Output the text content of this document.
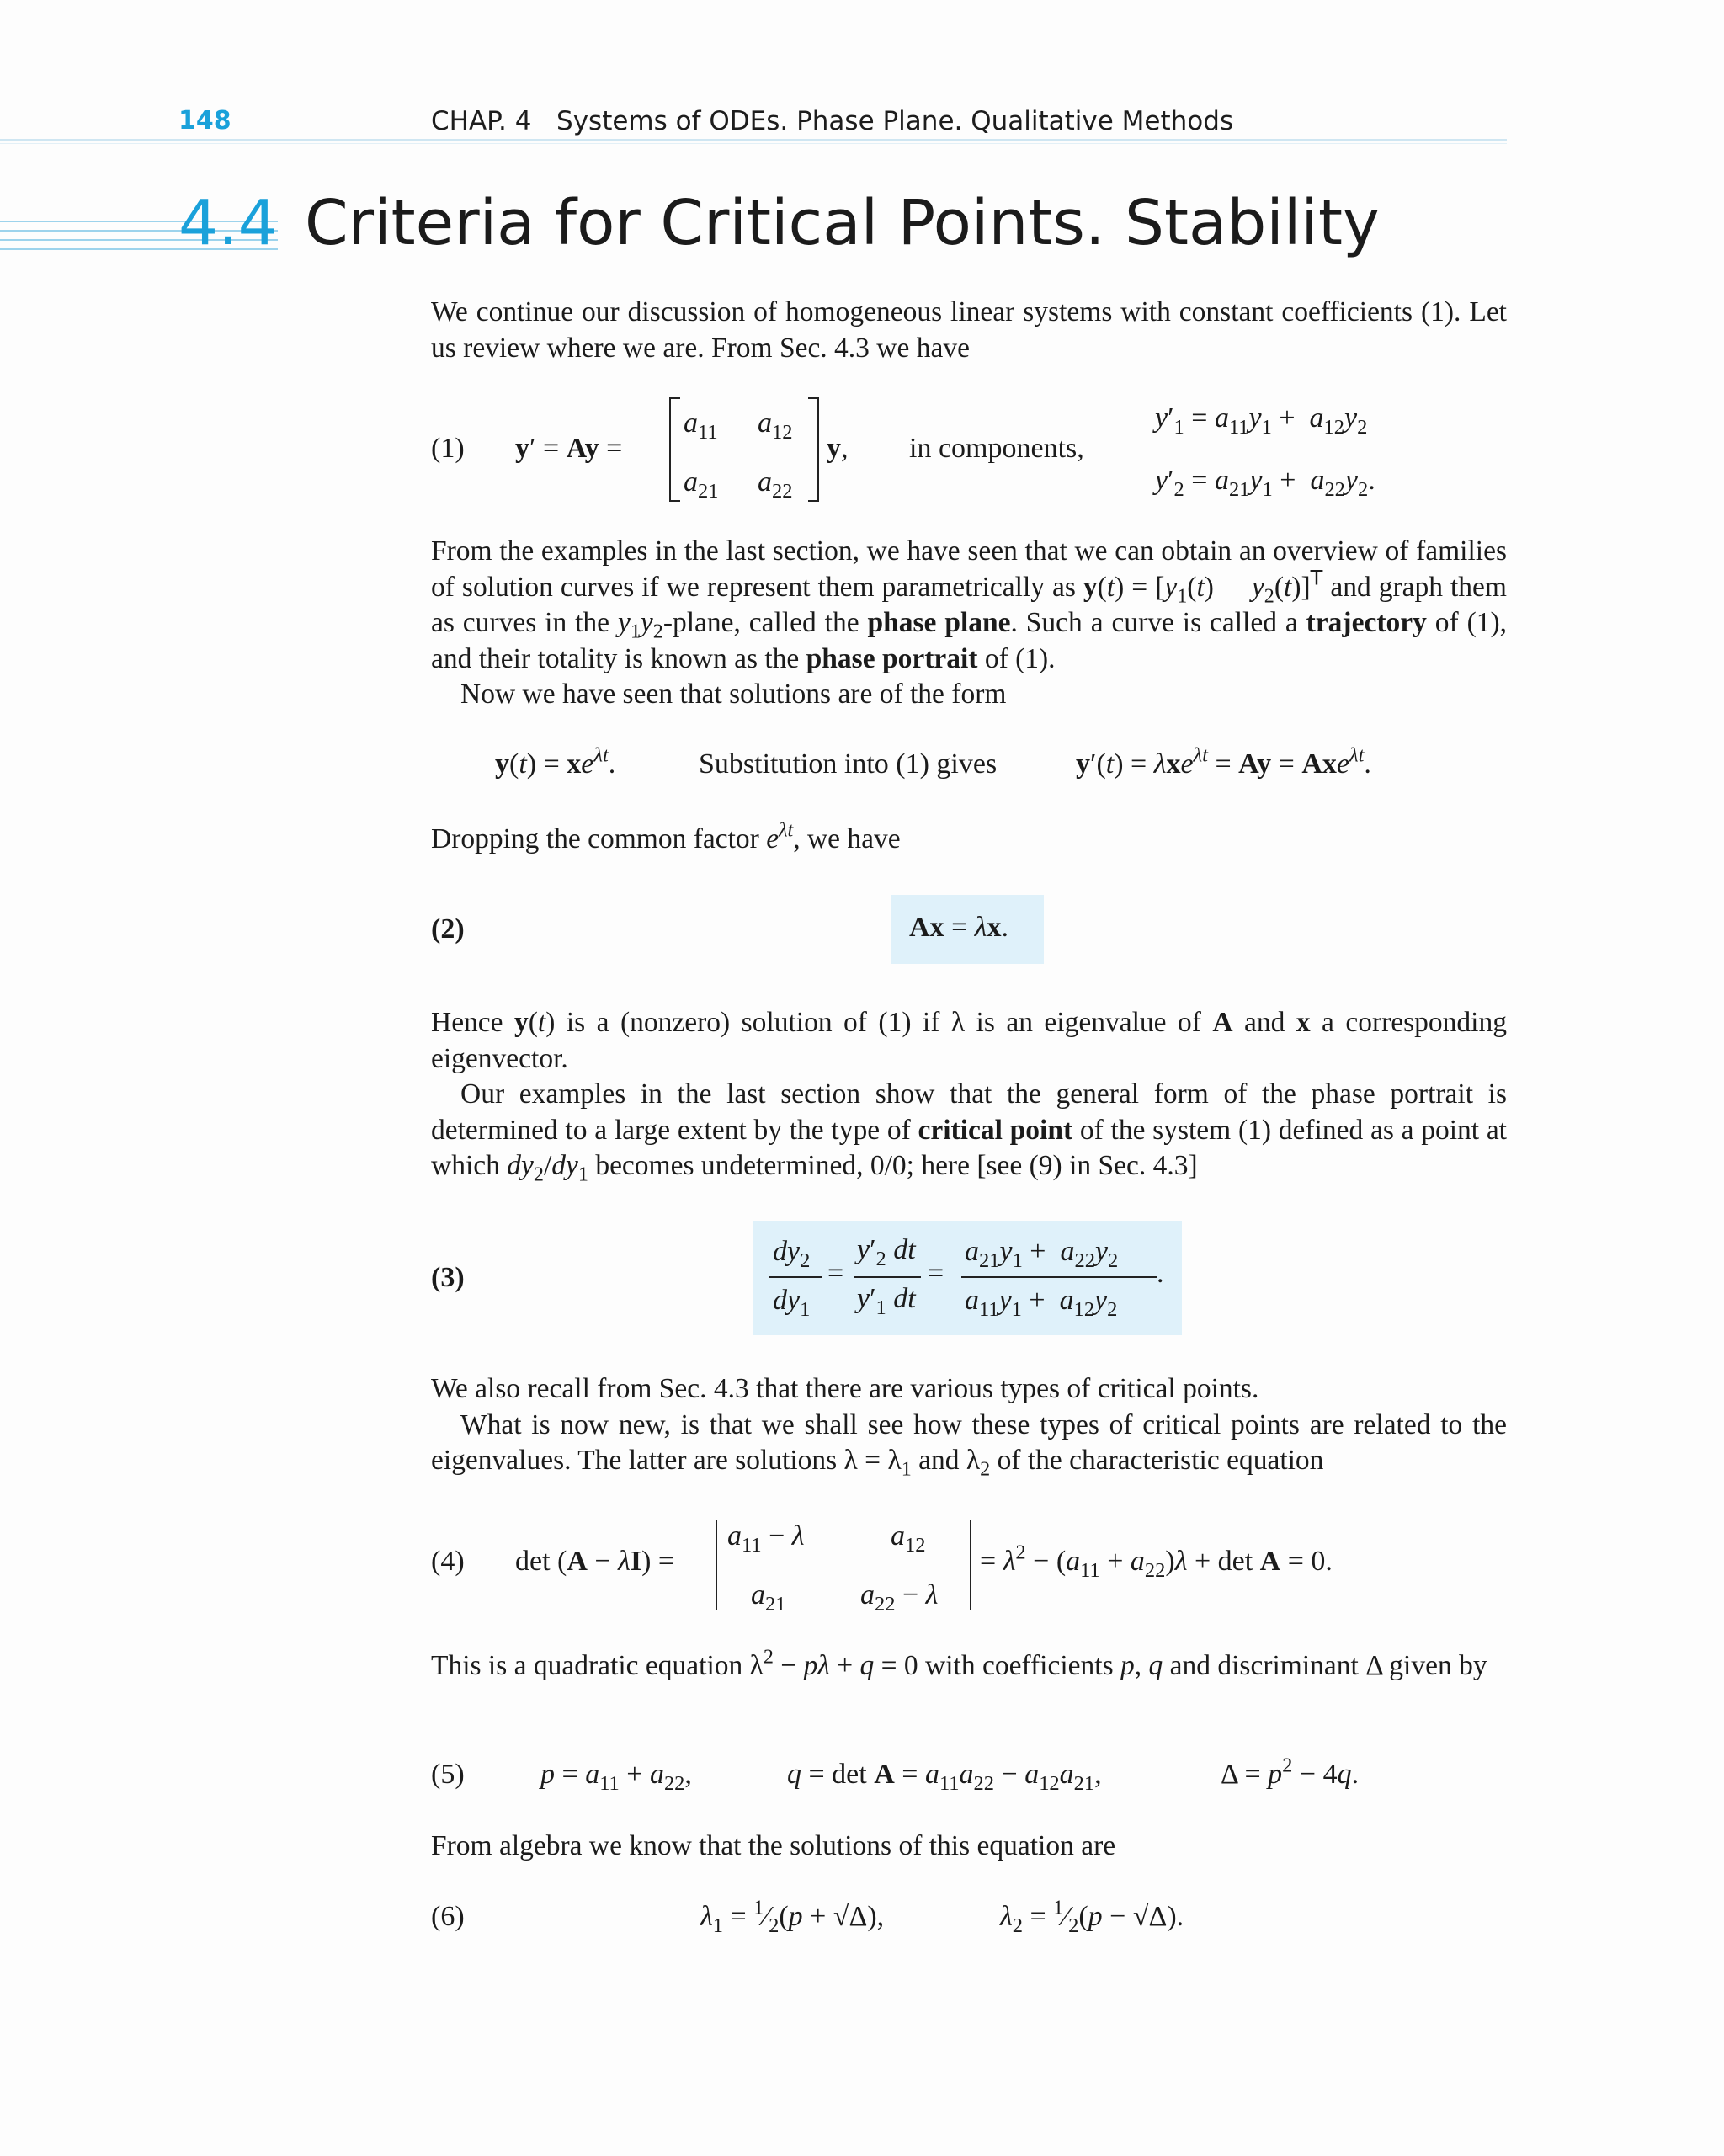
148	CHAP. 4   Systems of ODEs. Phase Plane. Qualitative Methods
4.4 Criteria for Critical Points. Stability

We continue our discussion of homogeneous linear systems with constant coefficients (1). Let us review where we are. From Sec. 4.3 we have

(1) y′ = Ay =
$a_{11}$ $a_{12}$
$a_{21}$ $a_{22}$
y, in components,
$y'_1 = a_{11}y_1 + a_{12}y_2$
$y'_2 = a_{21}y_1 + a_{22}y_2$.

From the examples in the last section, we have seen that we can obtain an overview of families of solution curves if we represent them parametrically as $y(t) = [y_1(t)$     $y_2(t)]^T$ and graph them as curves in the $y_1y_2$-plane, called the phase plane. Such a curve is called a trajectory of (1), and their totality is known as the phase portrait of (1).

Now we have seen that solutions are of the form

$y(t) = xe^{\lambda t}$.	Substitution into (1) gives	y′(t) = λxe$^{\lambda t}$ = Ay = Axe$^{\lambda t}$.

Dropping the common factor $e^{\lambda t}$, we have

(2)	Ax = λx.

Hence y(t) is a (nonzero) solution of (1) if λ is an eigenvalue of A and x a corresponding eigenvector.

Our examples in the last section show that the general form of the phase portrait is determined to a large extent by the type of critical point of the system (1) defined as a point at which $dy_2/dy_1$ becomes undetermined, 0/0; here [see (9) in Sec. 4.3]

(3)
$dy_2$
$dy_1$
=
$y'_2$ dt
$y'_1$ dt
=
$a_{21}y_1 + a_{22}y_2$
$a_{11}y_1 + a_{12}y_2$
.

We also recall from Sec. 4.3 that there are various types of critical points.

What is now new, is that we shall see how these types of critical points are related to the eigenvalues. The latter are solutions $\lambda = \lambda_1$ and $\lambda_2$ of the characteristic equation

(4) det (A − λI) =
$a_{11} - \lambda$	$a_{12}$
$a_{21}$	$a_{22} - \lambda$
= $\lambda^2 - (a_{11} + a_{22})\lambda + \det A = 0$.

This is a quadratic equation $\lambda^2 - p\lambda + q = 0$ with coefficients p, q and discriminant Δ given by

(5)	$p = a_{11} + a_{22}$,	$q = \det A = a_{11}a_{22} - a_{12}a_{21}$,	$\Delta = p^2 - 4q$.

From algebra we know that the solutions of this equation are

(6)	$\lambda_1$ = $^1⁄_2(p + √\Delta)$,	$\lambda_2$ = $^1⁄_2(p - √\Delta)$.
